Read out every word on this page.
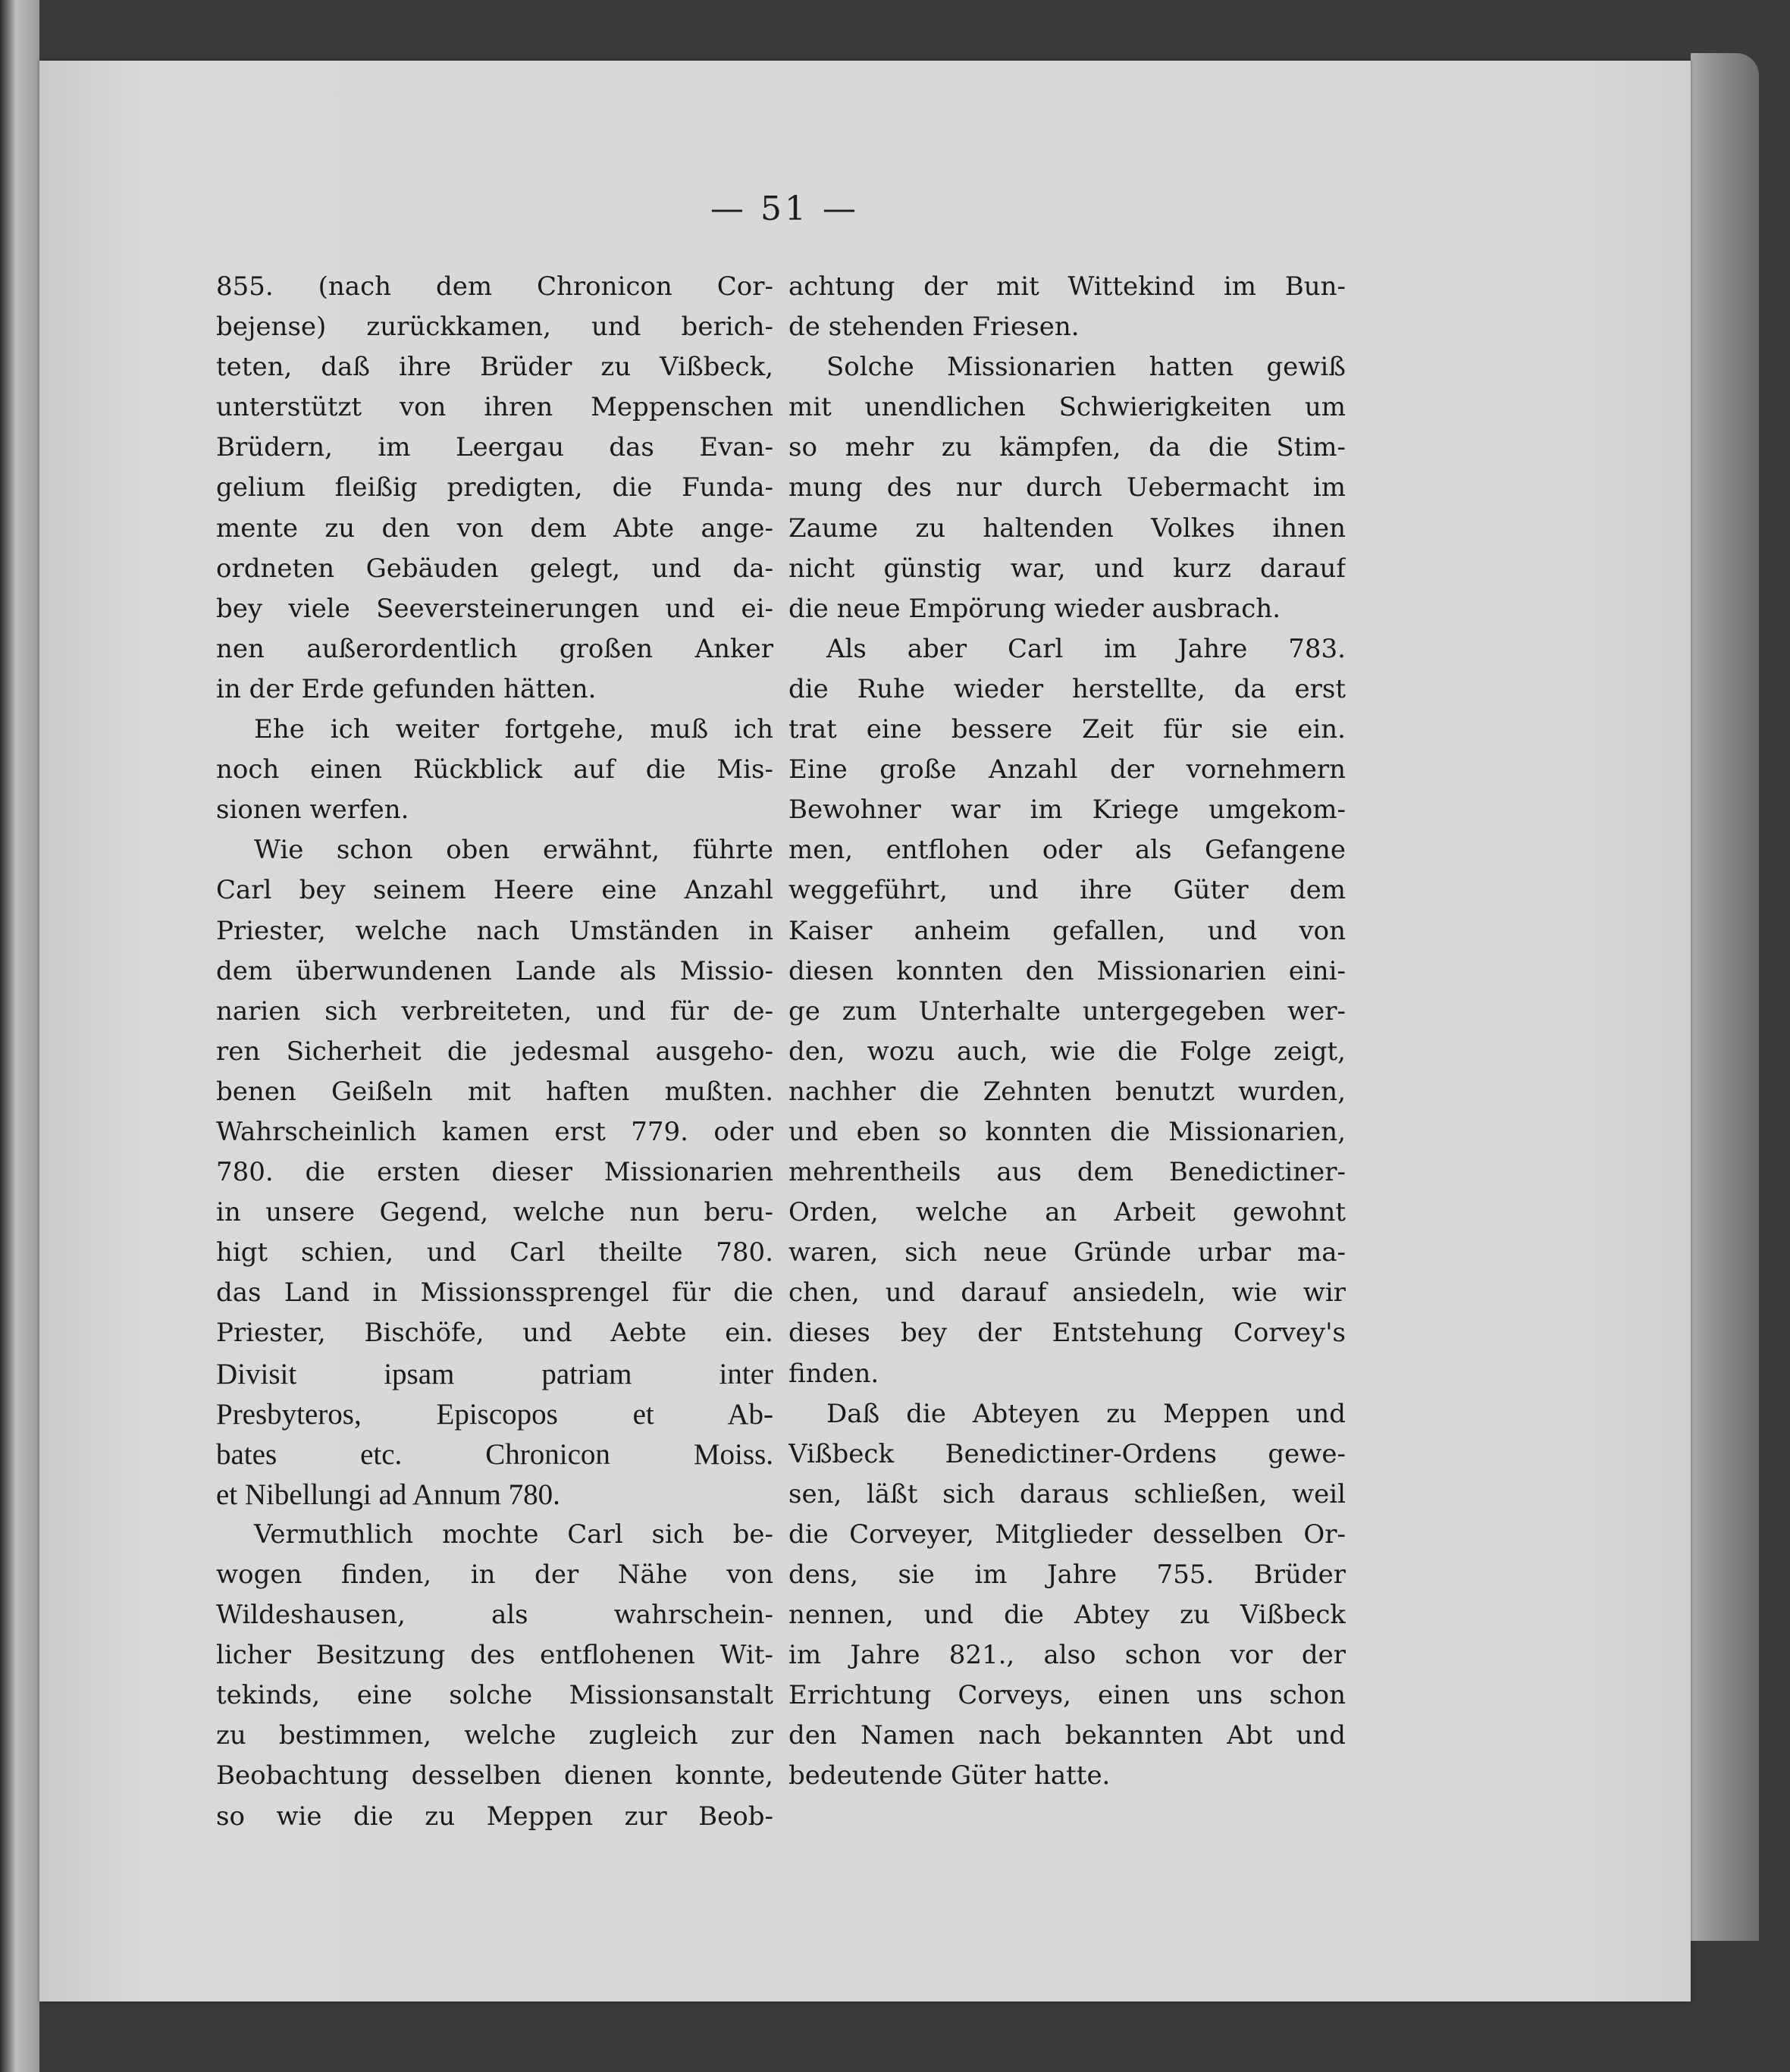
— 51 —
855. (nach dem Chronicon Cor-
bejense) zurückkamen, und berich-
teten, daß ihre Brüder zu Vißbeck,
unterstützt von ihren Meppenschen
Brüdern, im Leergau das Evan-
gelium fleißig predigten, die Funda-
mente zu den von dem Abte ange-
ordneten Gebäuden gelegt, und da-
bey viele Seeversteinerungen und ei-
nen außerordentlich großen Anker
in der Erde gefunden hätten.
Ehe ich weiter fortgehe, muß ich
noch einen Rückblick auf die Mis-
sionen werfen.
Wie schon oben erwähnt, führte
Carl bey seinem Heere eine Anzahl
Priester, welche nach Umständen in
dem überwundenen Lande als Missio-
narien sich verbreiteten, und für de-
ren Sicherheit die jedesmal ausgeho-
benen Geißeln mit haften mußten.
Wahrscheinlich kamen erst 779. oder
780. die ersten dieser Missionarien
in unsere Gegend, welche nun beru-
higt schien, und Carl theilte 780.
das Land in Missionssprengel für die
Priester, Bischöfe, und Aebte ein.
Divisit ipsam patriam inter
Presbyteros, Episcopos et Ab-
bates etc. Chronicon Moiss.
et Nibellungi ad Annum 780.
Vermuthlich mochte Carl sich be-
wogen finden, in der Nähe von
Wildeshausen, als wahrschein-
licher Besitzung des entflohenen Wit-
tekinds, eine solche Missionsanstalt
zu bestimmen, welche zugleich zur
Beobachtung desselben dienen konnte,
so wie die zu Meppen zur Beob-
achtung der mit Wittekind im Bun-
de stehenden Friesen.
Solche Missionarien hatten gewiß
mit unendlichen Schwierigkeiten um
so mehr zu kämpfen, da die Stim-
mung des nur durch Uebermacht im
Zaume zu haltenden Volkes ihnen
nicht günstig war, und kurz darauf
die neue Empörung wieder ausbrach.
Als aber Carl im Jahre 783.
die Ruhe wieder herstellte, da erst
trat eine bessere Zeit für sie ein.
Eine große Anzahl der vornehmern
Bewohner war im Kriege umgekom-
men, entflohen oder als Gefangene
weggeführt, und ihre Güter dem
Kaiser anheim gefallen, und von
diesen konnten den Missionarien eini-
ge zum Unterhalte untergegeben wer-
den, wozu auch, wie die Folge zeigt,
nachher die Zehnten benutzt wurden,
und eben so konnten die Missionarien,
mehrentheils aus dem Benedictiner-
Orden, welche an Arbeit gewohnt
waren, sich neue Gründe urbar ma-
chen, und darauf ansiedeln, wie wir
dieses bey der Entstehung Corvey's
finden.
Daß die Abteyen zu Meppen und
Vißbeck Benedictiner-Ordens gewe-
sen, läßt sich daraus schließen, weil
die Corveyer, Mitglieder desselben Or-
dens, sie im Jahre 755. Brüder
nennen, und die Abtey zu Vißbeck
im Jahre 821., also schon vor der
Errichtung Corveys, einen uns schon
den Namen nach bekannten Abt und
bedeutende Güter hatte.
